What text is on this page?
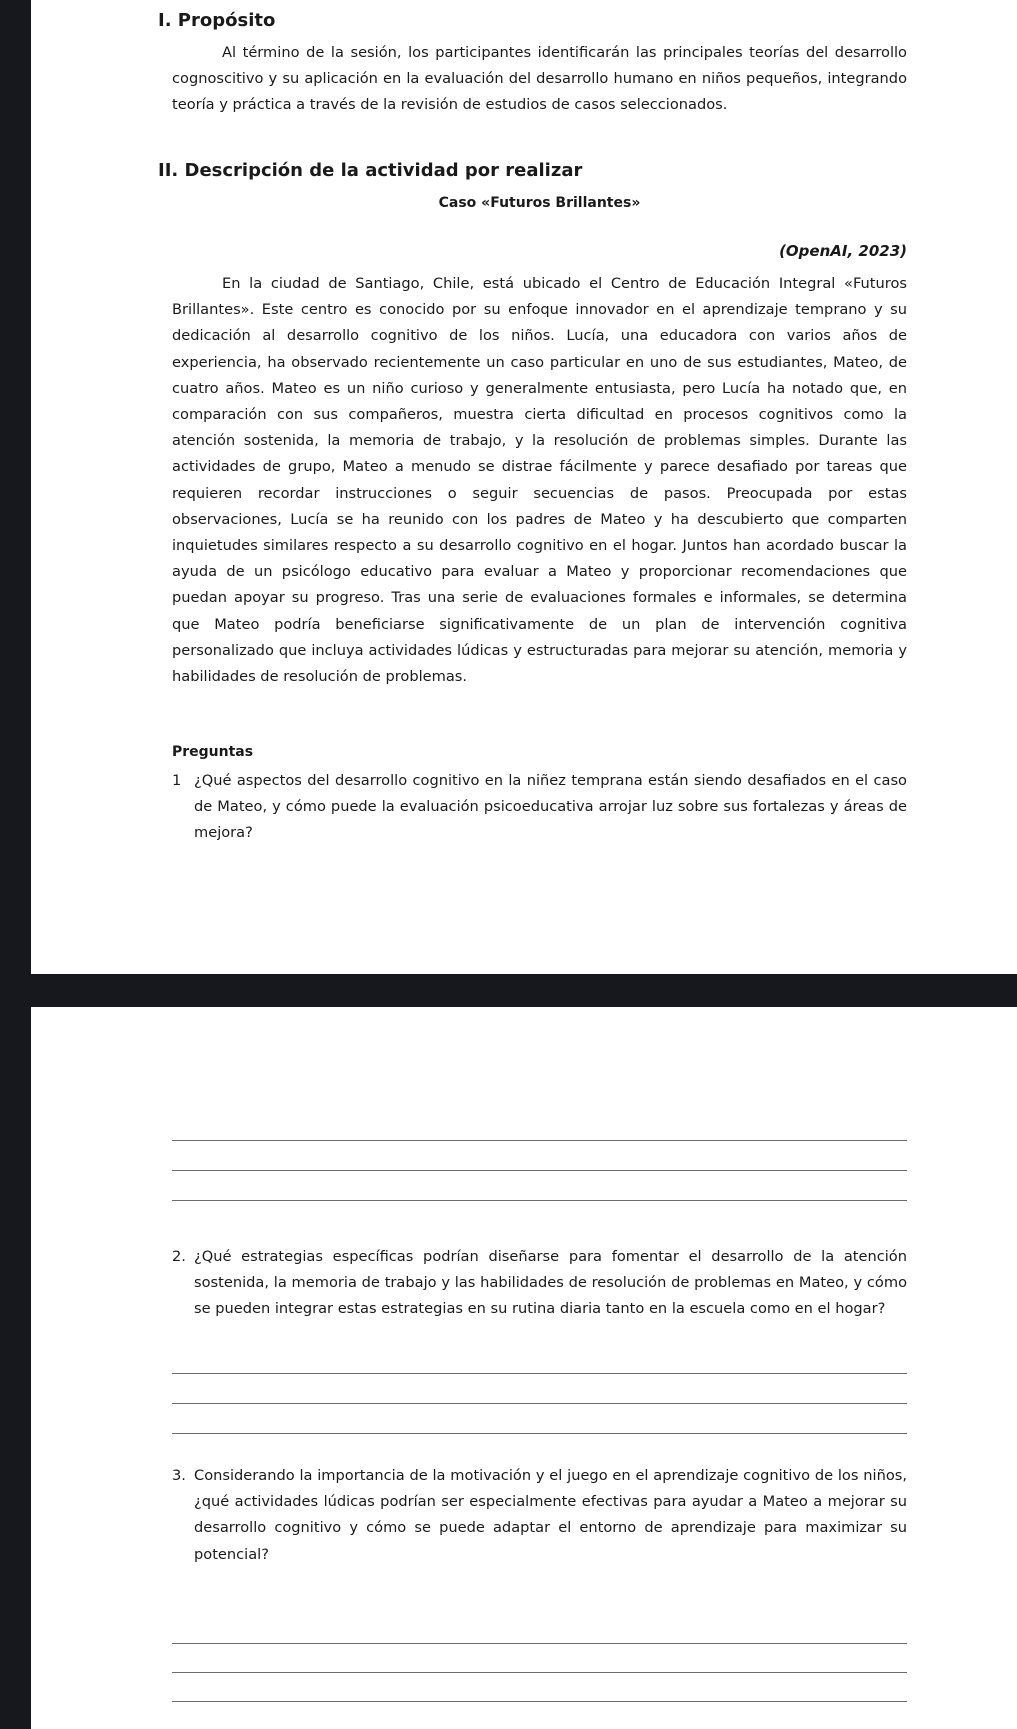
I. Propósito

Al término de la sesión, los participantes identificarán las principales teorías del desarrollo cognoscitivo y su aplicación en la evaluación del desarrollo humano en niños pequeños, integrando teoría y práctica a través de la revisión de estudios de casos seleccionados.

II. Descripción de la actividad por realizar
Caso «Futuros Brillantes»
(OpenAI, 2023)

En la ciudad de Santiago, Chile, está ubicado el Centro de Educación Integral «Futuros Brillantes». Este centro es conocido por su enfoque innovador en el aprendizaje temprano y su dedicación al desarrollo cognitivo de los niños. Lucía, una educadora con varios años de experiencia, ha observado recientemente un caso particular en uno de sus estudiantes, Mateo, de cuatro años. Mateo es un niño curioso y generalmente entusiasta, pero Lucía ha notado que, en comparación con sus compañeros, muestra cierta dificultad en procesos cognitivos como la atención sostenida, la memoria de trabajo, y la resolución de problemas simples. Durante las actividades de grupo, Mateo a menudo se distrae fácilmente y parece desafiado por tareas que requieren recordar instrucciones o seguir secuencias de pasos. Preocupada por estas observaciones, Lucía se ha reunido con los padres de Mateo y ha descubierto que comparten inquietudes similares respecto a su desarrollo cognitivo en el hogar. Juntos han acordado buscar la ayuda de un psicólogo educativo para evaluar a Mateo y proporcionar recomendaciones que puedan apoyar su progreso. Tras una serie de evaluaciones formales e informales, se determina que Mateo podría beneficiarse significativamente de un plan de intervención cognitiva personalizado que incluya actividades lúdicas y estructuradas para mejorar su atención, memoria y habilidades de resolución de problemas.

Preguntas
1 ¿Qué aspectos del desarrollo cognitivo en la niñez temprana están siendo desafiados en el caso de Mateo, y cómo puede la evaluación psicoeducativa arrojar luz sobre sus fortalezas y áreas de mejora?

2. ¿Qué estrategias específicas podrían diseñarse para fomentar el desarrollo de la atención sostenida, la memoria de trabajo y las habilidades de resolución de problemas en Mateo, y cómo se pueden integrar estas estrategias en su rutina diaria tanto en la escuela como en el hogar?

3. Considerando la importancia de la motivación y el juego en el aprendizaje cognitivo de los niños, ¿qué actividades lúdicas podrían ser especialmente efectivas para ayudar a Mateo a mejorar su desarrollo cognitivo y cómo se puede adaptar el entorno de aprendizaje para maximizar su potencial?
